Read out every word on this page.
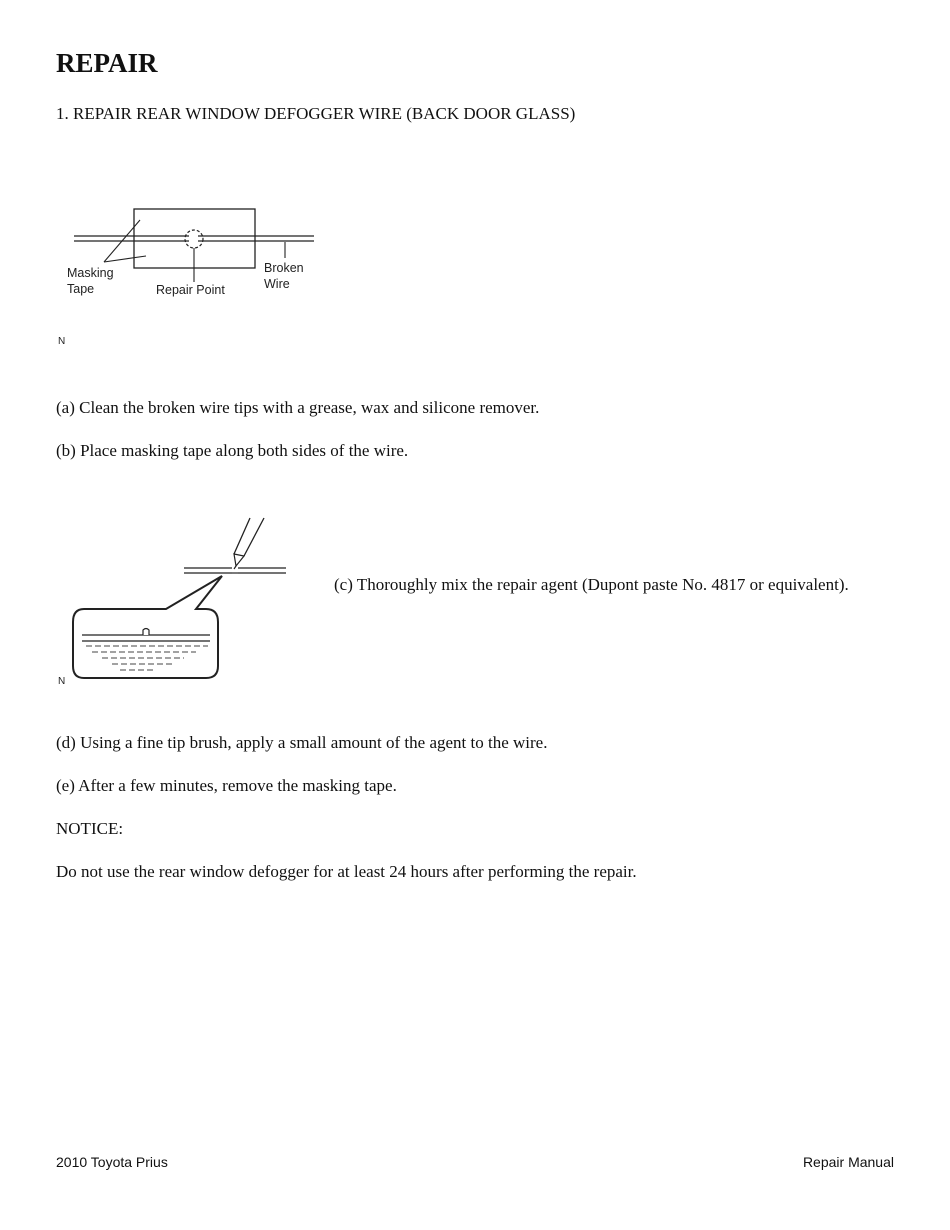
REPAIR

1. REPAIR REAR WINDOW DEFOGGER WIRE (BACK DOOR GLASS)

Masking
Tape	Repair Point
Broken
Wire
N

(a) Clean the broken wire tips with a grease, wax and silicone remover.

(b) Place masking tape along both sides of the wire.

N

(c) Thoroughly mix the repair agent (Dupont paste No. 4817 or equivalent).

(d) Using a fine tip brush, apply a small amount of the agent to the wire.

(e) After a few minutes, remove the masking tape.

NOTICE:

Do not use the rear window defogger for at least 24 hours after performing the repair.

2010 Toyota Prius	Repair Manual
